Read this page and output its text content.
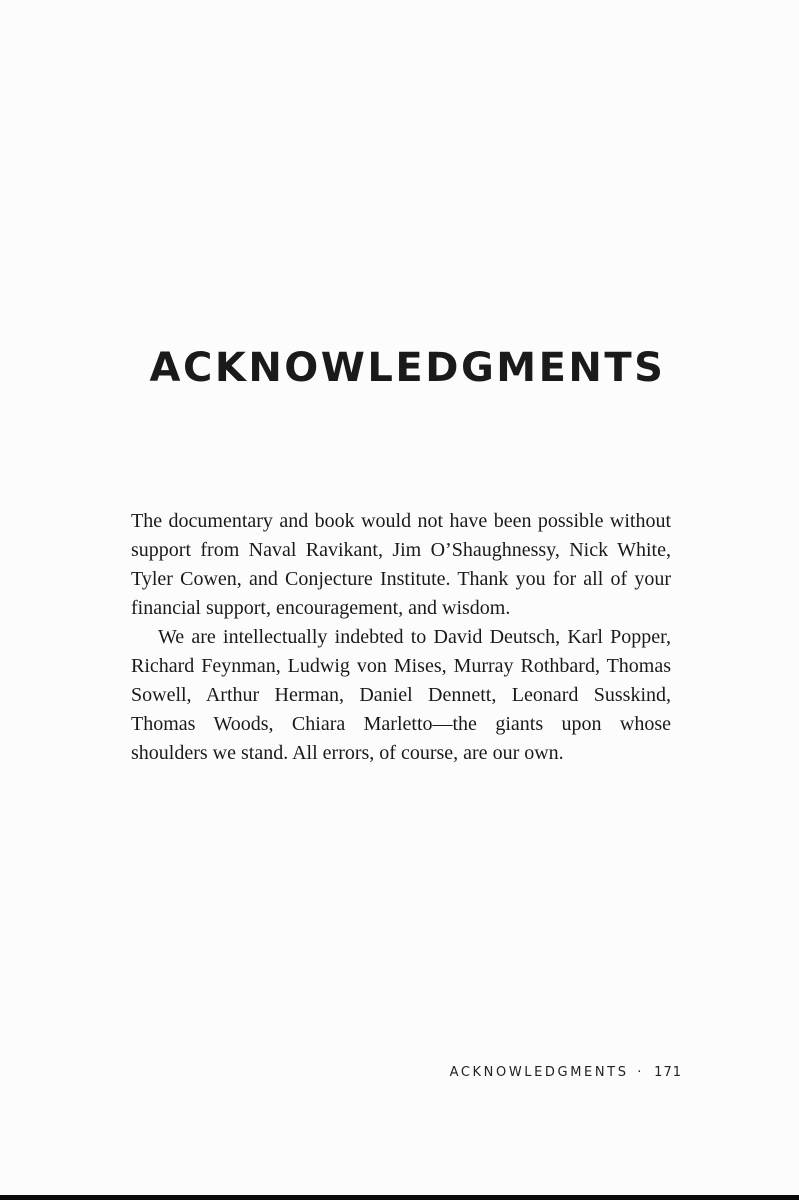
ACKNOWLEDGMENTS

The documentary and book would not have been possible without support from Naval Ravikant, Jim O’Shaughnessy, Nick White, Tyler Cowen, and Conjecture Institute. Thank you for all of your financial support, encouragement, and wisdom.

We are intellectually indebted to David Deutsch, Karl Popper, Richard Feynman, Ludwig von Mises, Murray Rothbard, Thomas Sowell, Arthur Herman, Daniel Dennett, Leonard Susskind, Thomas Woods, Chiara Marletto—the giants upon whose shoulders we stand. All errors, of course, are our own.

ACKNOWLEDGMENTS · 171
